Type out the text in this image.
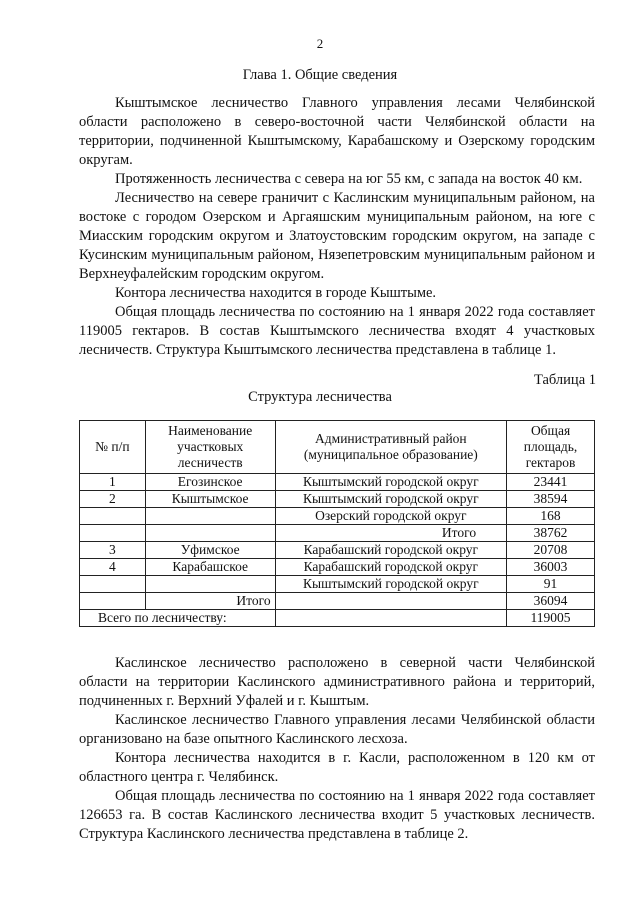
2
Глава 1. Общие сведения

Кыштымское лесничество Главного управления лесами Челябинской области расположено в северо-восточной части Челябинской области на территории, подчиненной Кыштымскому, Карабашскому и Озерскому городским округам.

Протяженность лесничества с севера на юг 55 км, с запада на восток 40 км.

Лесничество на севере граничит с Каслинским муниципальным районом, на востоке с городом Озерском и Аргаяшским муниципальным районом, на юге с Миасским городским округом и Златоустовским городским округом, на западе с Кусинским муниципальным районом, Нязепетровским муниципальным районом и Верхнеуфалейским городским округом.

Контора лесничества находится в городе Кыштыме.

Общая площадь лесничества по состоянию на 1 января 2022 года составляет 119005 гектаров. В состав Кыштымского лесничества входят 4 участковых лесничеств. Структура Кыштымского лесничества представлена в таблице 1.

Таблица 1
Структура лесничества
№ п/п	Наименование участковых лесничеств	Административный район (муниципальное образование)	Общая площадь, гектаров
1	Егозинское	Кыштымский городской округ	23441
2	Кыштымское	Кыштымский городской округ	38594
		Озерский городской округ	168
		Итого	38762
3	Уфимское	Карабашский городской округ	20708
4	Карабашское	Карабашский городской округ	36003
		Кыштымский городской округ	91
	Итого		36094
Всего по лесничеству:			119005

Каслинское лесничество расположено в северной части Челябинской области на территории Каслинского административного района и территорий, подчиненных г. Верхний Уфалей и г. Кыштым.

Каслинское лесничество Главного управления лесами Челябинской области организовано на базе опытного Каслинского лесхоза.

Контора лесничества находится в г. Касли, расположенном в 120 км от областного центра г. Челябинск.

Общая площадь лесничества по состоянию на 1 января 2022 года составляет 126653 га. В состав Каслинского лесничества входит 5 участковых лесничеств. Структура Каслинского лесничества представлена в таблице 2.
